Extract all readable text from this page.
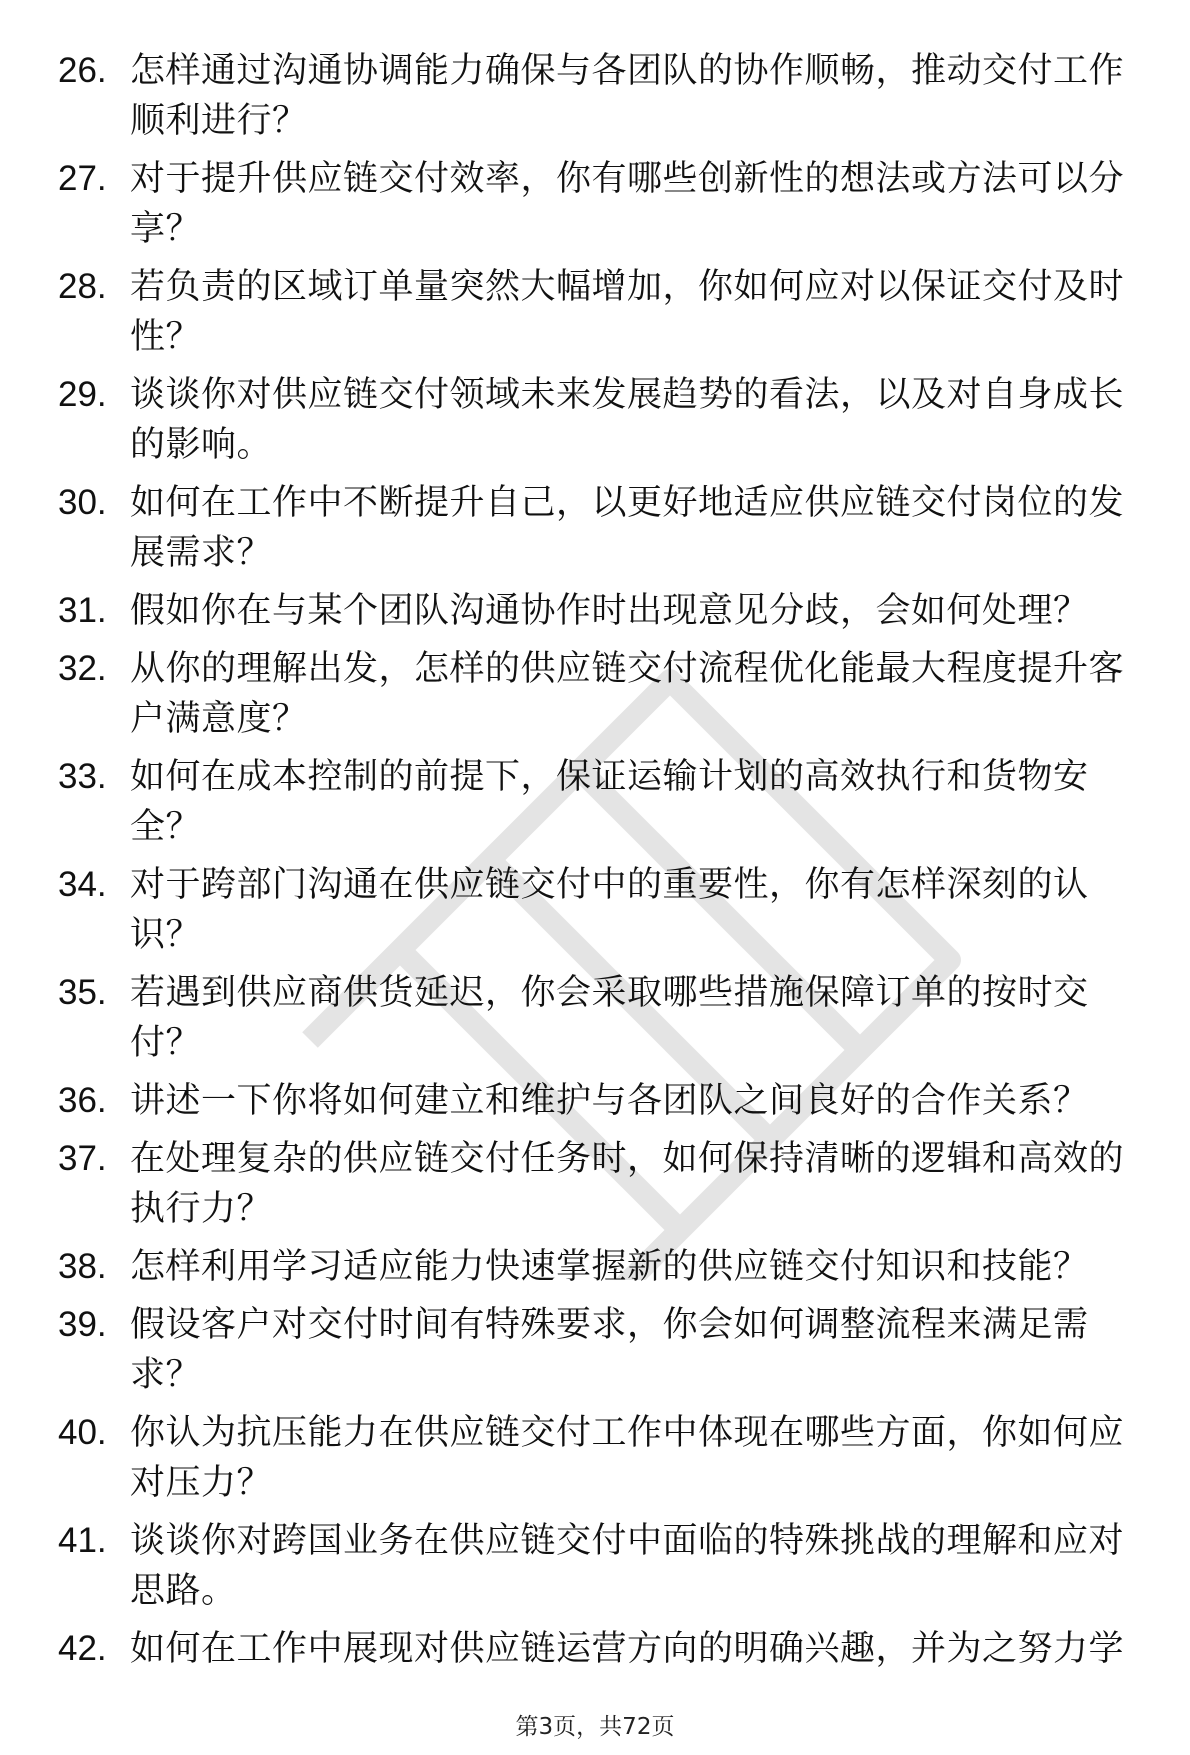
26. 怎样通过沟通协调能力确保与各团队的协作顺畅，推动交付工作顺利进行？
27. 对于提升供应链交付效率，你有哪些创新性的想法或方法可以分享？
28. 若负责的区域订单量突然大幅增加，你如何应对以保证交付及时性？
29. 谈谈你对供应链交付领域未来发展趋势的看法，以及对自身成长的影响。
30. 如何在工作中不断提升自己，以更好地适应供应链交付岗位的发展需求？
31. 假如你在与某个团队沟通协作时出现意见分歧，会如何处理？
32. 从你的理解出发，怎样的供应链交付流程优化能最大程度提升客户满意度？
33. 如何在成本控制的前提下，保证运输计划的高效执行和货物安全？
34. 对于跨部门沟通在供应链交付中的重要性，你有怎样深刻的认识？
35. 若遇到供应商供货延迟，你会采取哪些措施保障订单的按时交付？
36. 讲述一下你将如何建立和维护与各团队之间良好的合作关系？
37. 在处理复杂的供应链交付任务时，如何保持清晰的逻辑和高效的执行力？
38. 怎样利用学习适应能力快速掌握新的供应链交付知识和技能？
39. 假设客户对交付时间有特殊要求，你会如何调整流程来满足需求？
40. 你认为抗压能力在供应链交付工作中体现在哪些方面，你如何应对压力？
41. 谈谈你对跨国业务在供应链交付中面临的特殊挑战的理解和应对思路。
42. 如何在工作中展现对供应链运营方向的明确兴趣，并为之努力学
第3页，共72页
